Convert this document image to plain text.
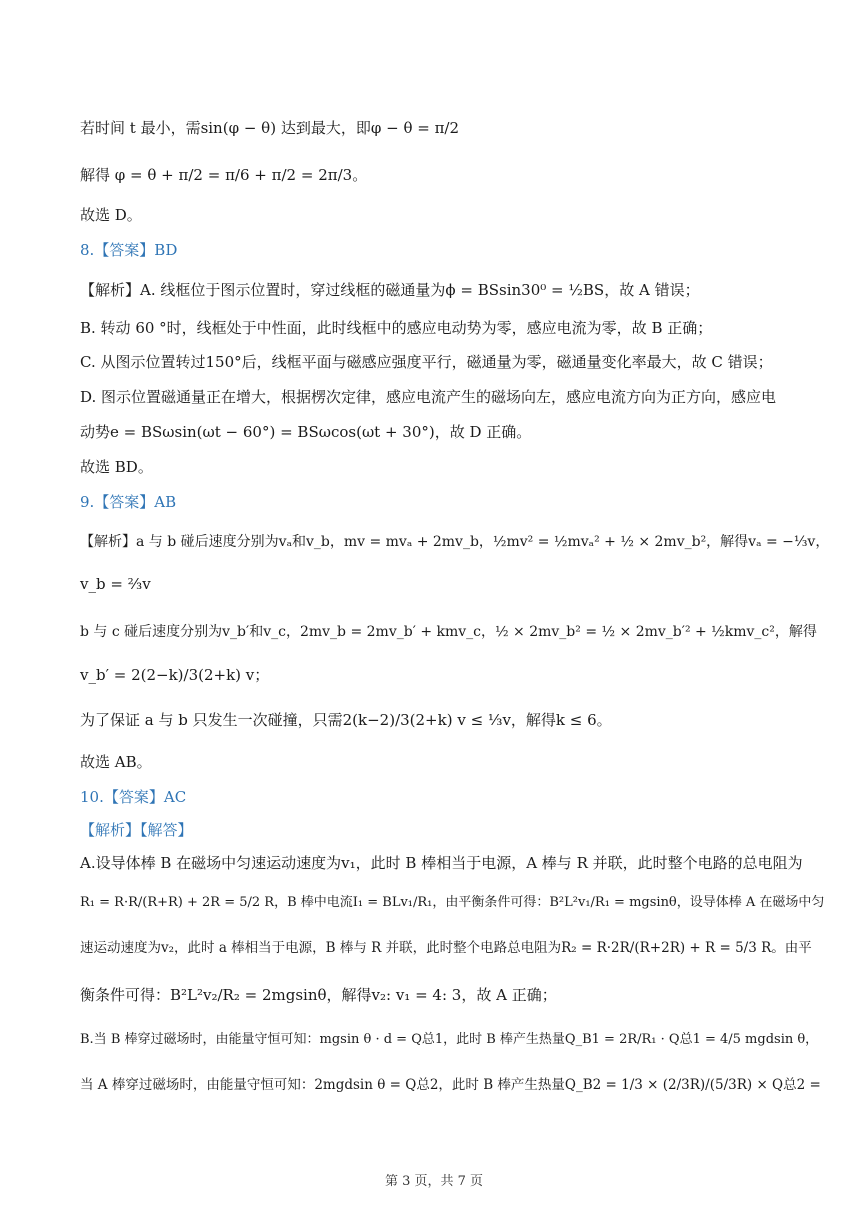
若时间 t 最小，需sin(φ − θ) 达到最大，即φ − θ = π/2
解得 φ = θ + π/2 = π/6 + π/2 = 2π/3。
故选 D。
8.【答案】BD
【解析】A. 线框位于图示位置时，穿过线框的磁通量为ϕ = BSsin30⁰ = ½BS，故 A 错误；
B. 转动 60 °时，线框处于中性面，此时线框中的感应电动势为零，感应电流为零，故 B 正确；
C. 从图示位置转过150°后，线框平面与磁感应强度平行，磁通量为零，磁通量变化率最大，故 C 错误；
D. 图示位置磁通量正在增大，根据楞次定律，感应电流产生的磁场向左，感应电流方向为正方向，感应电
动势e = BSωsin(ωt − 60°) = BSωcos(ωt + 30°)，故 D 正确。
故选 BD。
9.【答案】AB
【解析】a 与 b 碰后速度分别为vₐ和v_b，mv = mvₐ + 2mv_b，½mv² = ½mvₐ² + ½ × 2mv_b²，解得vₐ = −⅓v，
v_b = ⅔v
b 与 c 碰后速度分别为v_b′和v_c，2mv_b = 2mv_b′ + kmv_c，½ × 2mv_b² = ½ × 2mv_b′² + ½kmv_c²，解得
v_b′ = 2(2−k)/3(2+k) v；
为了保证 a 与 b 只发生一次碰撞，只需2(k−2)/3(2+k) v ≤ ⅓v，解得k ≤ 6。
故选 AB。
10.【答案】AC
【解析】【解答】
A.设导体棒 B 在磁场中匀速运动速度为v₁，此时 B 棒相当于电源，A 棒与 R 并联，此时整个电路的总电阻为
R₁ = R·R/(R+R) + 2R = 5/2 R，B 棒中电流I₁ = BLv₁/R₁，由平衡条件可得：B²L²v₁/R₁ = mgsinθ，设导体棒 A 在磁场中匀
速运动速度为v₂，此时 a 棒相当于电源，B 棒与 R 并联，此时整个电路总电阻为R₂ = R·2R/(R+2R) + R = 5/3 R。由平
衡条件可得：B²L²v₂/R₂ = 2mgsinθ，解得v₂: v₁ = 4: 3，故 A 正确；
B.当 B 棒穿过磁场时，由能量守恒可知：mgsin θ · d = Q总1，此时 B 棒产生热量Q_B1 = 2R/R₁ · Q总1 = 4/5 mgdsin θ，
当 A 棒穿过磁场时，由能量守恒可知：2mgdsin θ = Q总2，此时 B 棒产生热量Q_B2 = 1/3 × (2/3R)/(5/3R) × Q总2 =
第 3 页，共 7 页
